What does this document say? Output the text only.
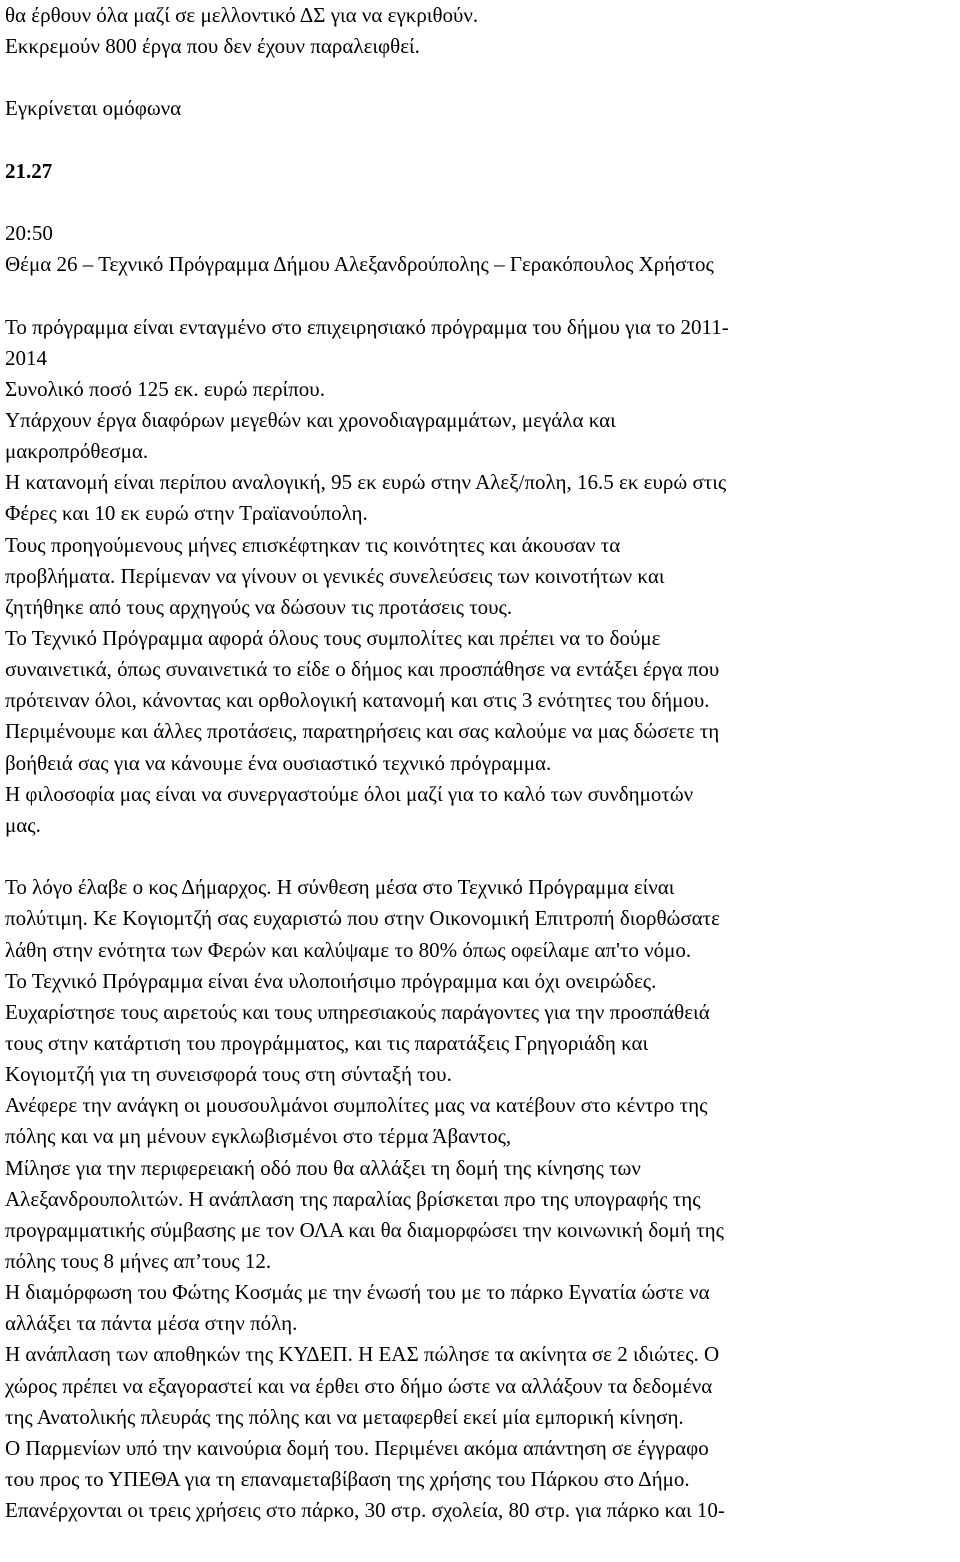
θα έρθουν όλα μαζί σε μελλοντικό ΔΣ για να εγκριθούν.
Εκκρεμούν 800 έργα που δεν έχουν παραλειφθεί.
Εγκρίνεται ομόφωνα
21.27
20:50
Θέμα 26 – Τεχνικό Πρόγραμμα Δήμου Αλεξανδρούπολης – Γερακόπουλος Χρήστος
Το πρόγραμμα είναι ενταγμένο στο επιχειρησιακό πρόγραμμα του δήμου για το 2011-
2014
Συνολικό ποσό 125 εκ. ευρώ περίπου.
Υπάρχουν έργα διαφόρων μεγεθών και χρονοδιαγραμμάτων, μεγάλα και
μακροπρόθεσμα.
Η κατανομή είναι περίπου αναλογική, 95 εκ ευρώ στην Αλεξ/πολη, 16.5 εκ ευρώ στις
Φέρες και 10 εκ ευρώ στην Τραϊανούπολη.
Τους προηγούμενους μήνες επισκέφτηκαν τις κοινότητες και άκουσαν τα
προβλήματα. Περίμεναν να γίνουν οι γενικές συνελεύσεις των κοινοτήτων και
ζητήθηκε από τους αρχηγούς να δώσουν τις προτάσεις τους.
Το Τεχνικό Πρόγραμμα αφορά όλους τους συμπολίτες και πρέπει να το δούμε
συναινετικά, όπως συναινετικά το είδε ο δήμος και προσπάθησε να εντάξει έργα που
πρότειναν όλοι, κάνοντας και ορθολογική κατανομή και στις 3 ενότητες του δήμου.
Περιμένουμε και άλλες προτάσεις, παρατηρήσεις και σας καλούμε να μας δώσετε τη
βοήθειά σας για να κάνουμε ένα ουσιαστικό τεχνικό πρόγραμμα.
Η φιλοσοφία μας είναι να συνεργαστούμε όλοι μαζί για το καλό των συνδημοτών
μας.
Το λόγο έλαβε ο κος Δήμαρχος. Η σύνθεση μέσα στο Τεχνικό Πρόγραμμα είναι
πολύτιμη. Κε Κογιομτζή σας ευχαριστώ που στην Οικονομική Επιτροπή διορθώσατε
λάθη στην ενότητα των Φερών και καλύψαμε το 80% όπως οφείλαμε απ'το νόμο.
Το Τεχνικό Πρόγραμμα είναι ένα υλοποιήσιμο πρόγραμμα και όχι ονειρώδες.
Ευχαρίστησε τους αιρετούς και τους υπηρεσιακούς παράγοντες για την προσπάθειά
τους στην κατάρτιση του προγράμματος, και τις παρατάξεις Γρηγοριάδη και
Κογιομτζή για τη συνεισφορά τους στη σύνταξή του.
Ανέφερε την ανάγκη οι μουσουλμάνοι συμπολίτες μας να κατέβουν στο κέντρο της
πόλης και να μη μένουν εγκλωβισμένοι στο τέρμα Άβαντος,
Μίλησε για την περιφερειακή οδό που θα αλλάξει τη δομή της κίνησης των
Αλεξανδρουπολιτών. Η ανάπλαση της παραλίας βρίσκεται προ της υπογραφής της
προγραμματικής σύμβασης με τον ΟΛΑ και θα διαμορφώσει την κοινωνική δομή της
πόλης τους 8 μήνες απ’τους 12.
Η διαμόρφωση του Φώτης Κοσμάς με την ένωσή του με το πάρκο Εγνατία ώστε να
αλλάξει τα πάντα μέσα στην πόλη.
Η ανάπλαση των αποθηκών της ΚΥΔΕΠ. Η ΕΑΣ πώλησε τα ακίνητα σε 2 ιδιώτες. Ο
χώρος πρέπει να εξαγοραστεί και να έρθει στο δήμο ώστε να αλλάξουν τα δεδομένα
της Ανατολικής πλευράς της πόλης και να μεταφερθεί εκεί μία εμπορική κίνηση.
Ο Παρμενίων υπό την καινούρια δομή του. Περιμένει ακόμα απάντηση σε έγγραφο
του προς το ΥΠΕΘΑ για τη επαναμεταβίβαση της χρήσης του Πάρκου στο Δήμο.
Επανέρχονται οι τρεις χρήσεις στο πάρκο, 30 στρ. σχολεία, 80 στρ. για πάρκο και 10-
